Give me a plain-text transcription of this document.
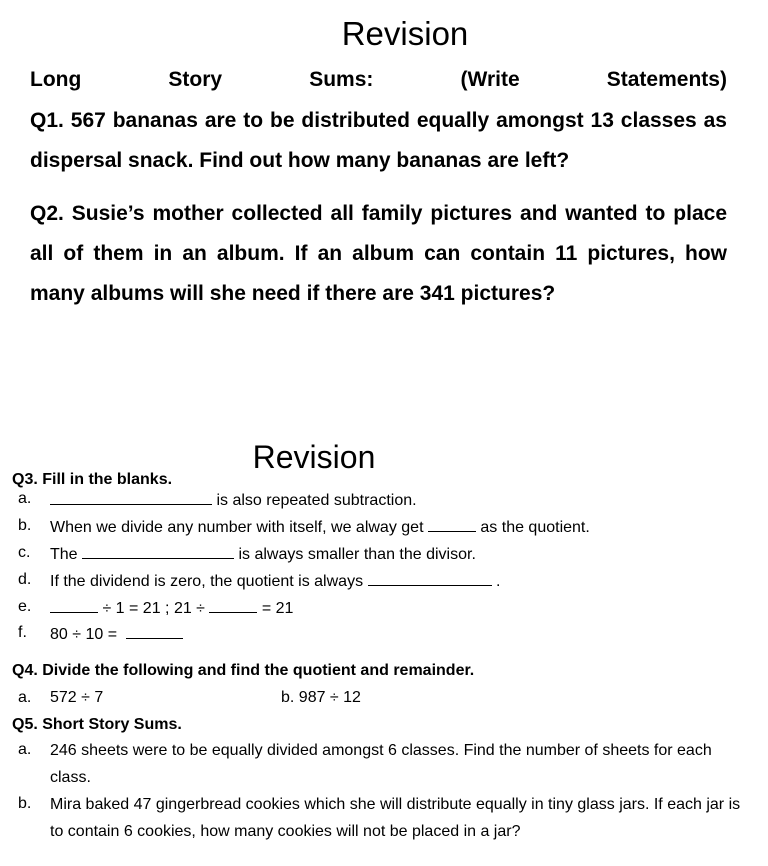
Revision
Long	Story	Sums:	(Write	Statements)
Q1. 567 bananas are to be distributed equally amongst 13 classes as dispersal snack. Find out how many bananas are left?
Q2. Susie’s mother collected all family pictures and wanted to place all of them in an album. If an album can contain 11 pictures, how many albums will she need if there are 341 pictures?
Revision
Q3. Fill in the blanks.
a.	is also repeated subtraction.
b. When we divide any number with itself, we alway get	as the quotient.
c. The	is always smaller than the divisor.
d. If the dividend is zero, the quotient is always	.
e.	÷ 1 = 21 ; 21 ÷	= 21
f. 80 ÷ 10 =
Q4. Divide the following and find the quotient and remainder.
a. 572 ÷ 7	b. 987 ÷ 12
Q5. Short Story Sums.
a. 246 sheets were to be equally divided amongst 6 classes. Find the number of sheets for each class.
b. Mira baked 47 gingerbread cookies which she will distribute equally in tiny glass jars. If each jar is to contain 6 cookies, how many cookies will not be placed in a jar?
